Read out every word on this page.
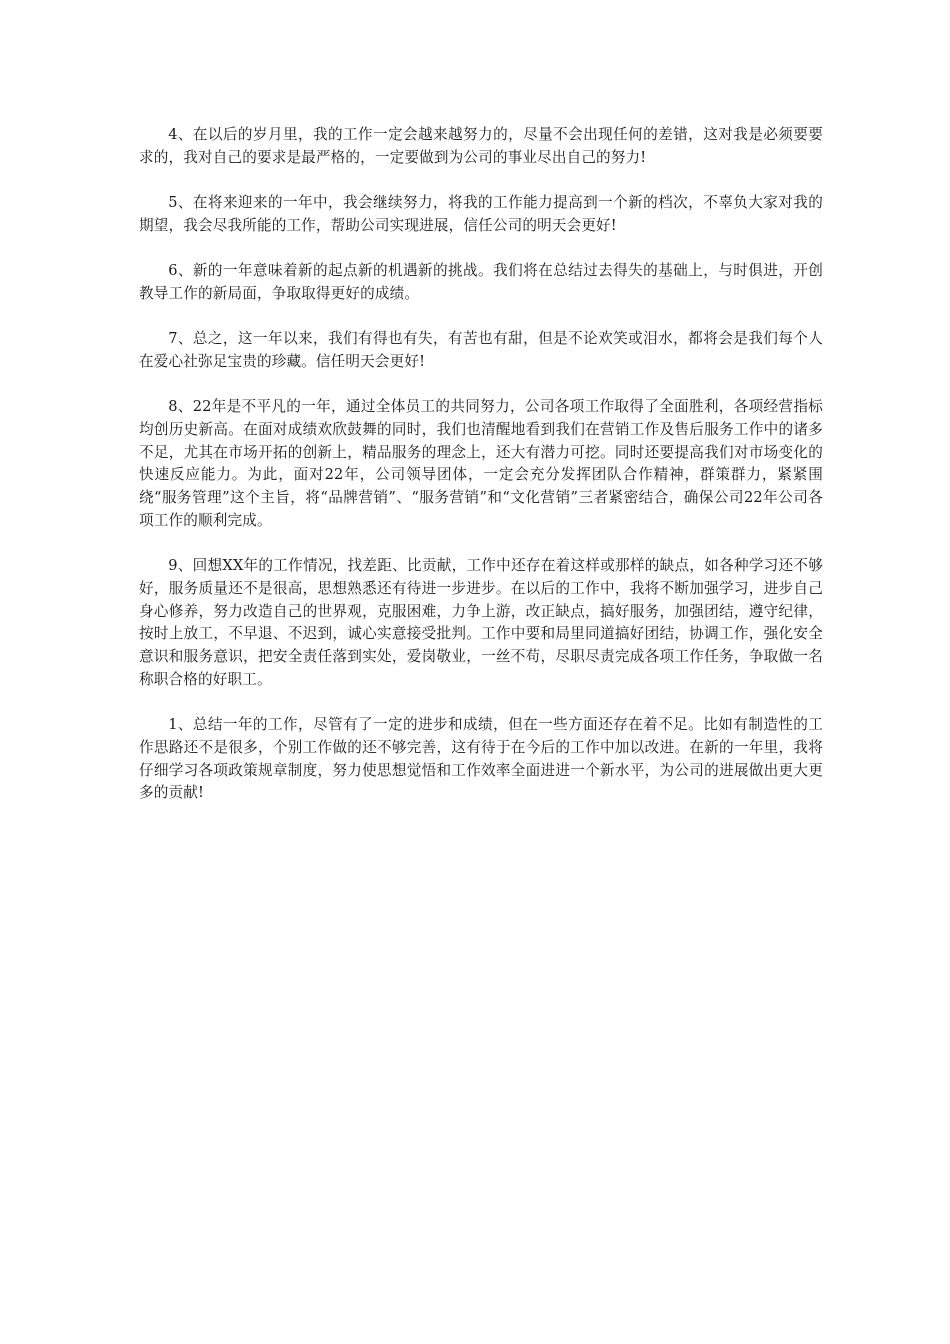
4、在以后的岁月里，我的工作一定会越来越努力的，尽量不会出现任何的差错，这对我是必须要要求的，我对自己的要求是最严格的，一定要做到为公司的事业尽出自己的努力!

5、在将来迎来的一年中，我会继续努力，将我的工作能力提高到一个新的档次，不辜负大家对我的期望，我会尽我所能的工作，帮助公司实现进展，信任公司的明天会更好!

6、新的一年意味着新的起点新的机遇新的挑战。我们将在总结过去得失的基础上，与时俱进，开创教导工作的新局面，争取取得更好的成绩。

7、总之，这一年以来，我们有得也有失，有苦也有甜，但是不论欢笑或泪水，都将会是我们每个人在爱心社弥足宝贵的珍藏。信任明天会更好!

8、22年是不平凡的一年，通过全体员工的共同努力，公司各项工作取得了全面胜利，各项经营指标均创历史新高。在面对成绩欢欣鼓舞的同时，我们也清醒地看到我们在营销工作及售后服务工作中的诸多不足，尤其在市场开拓的创新上，精品服务的理念上，还大有潜力可挖。同时还要提高我们对市场变化的快速反应能力。为此，面对22年，公司领导团体，一定会充分发挥团队合作精神，群策群力，紧紧围绕“服务管理”这个主旨，将“品牌营销”、“服务营销”和“文化营销”三者紧密结合，确保公司22年公司各项工作的顺利完成。

9、回想XX年的工作情况，找差距、比贡献，工作中还存在着这样或那样的缺点，如各种学习还不够好，服务质量还不是很高，思想熟悉还有待进一步进步。在以后的工作中，我将不断加强学习，进步自己身心修养，努力改造自己的世界观，克服困难，力争上游，改正缺点，搞好服务，加强团结，遵守纪律，按时上放工，不早退、不迟到，诚心实意接受批判。工作中要和局里同道搞好团结，协调工作，强化安全意识和服务意识，把安全责任落到实处，爱岗敬业，一丝不苟，尽职尽责完成各项工作任务，争取做一名称职合格的好职工。

1、总结一年的工作，尽管有了一定的进步和成绩，但在一些方面还存在着不足。比如有制造性的工作思路还不是很多，个别工作做的还不够完善，这有待于在今后的工作中加以改进。在新的一年里，我将仔细学习各项政策规章制度，努力使思想觉悟和工作效率全面进进一个新水平，为公司的进展做出更大更多的贡献!
